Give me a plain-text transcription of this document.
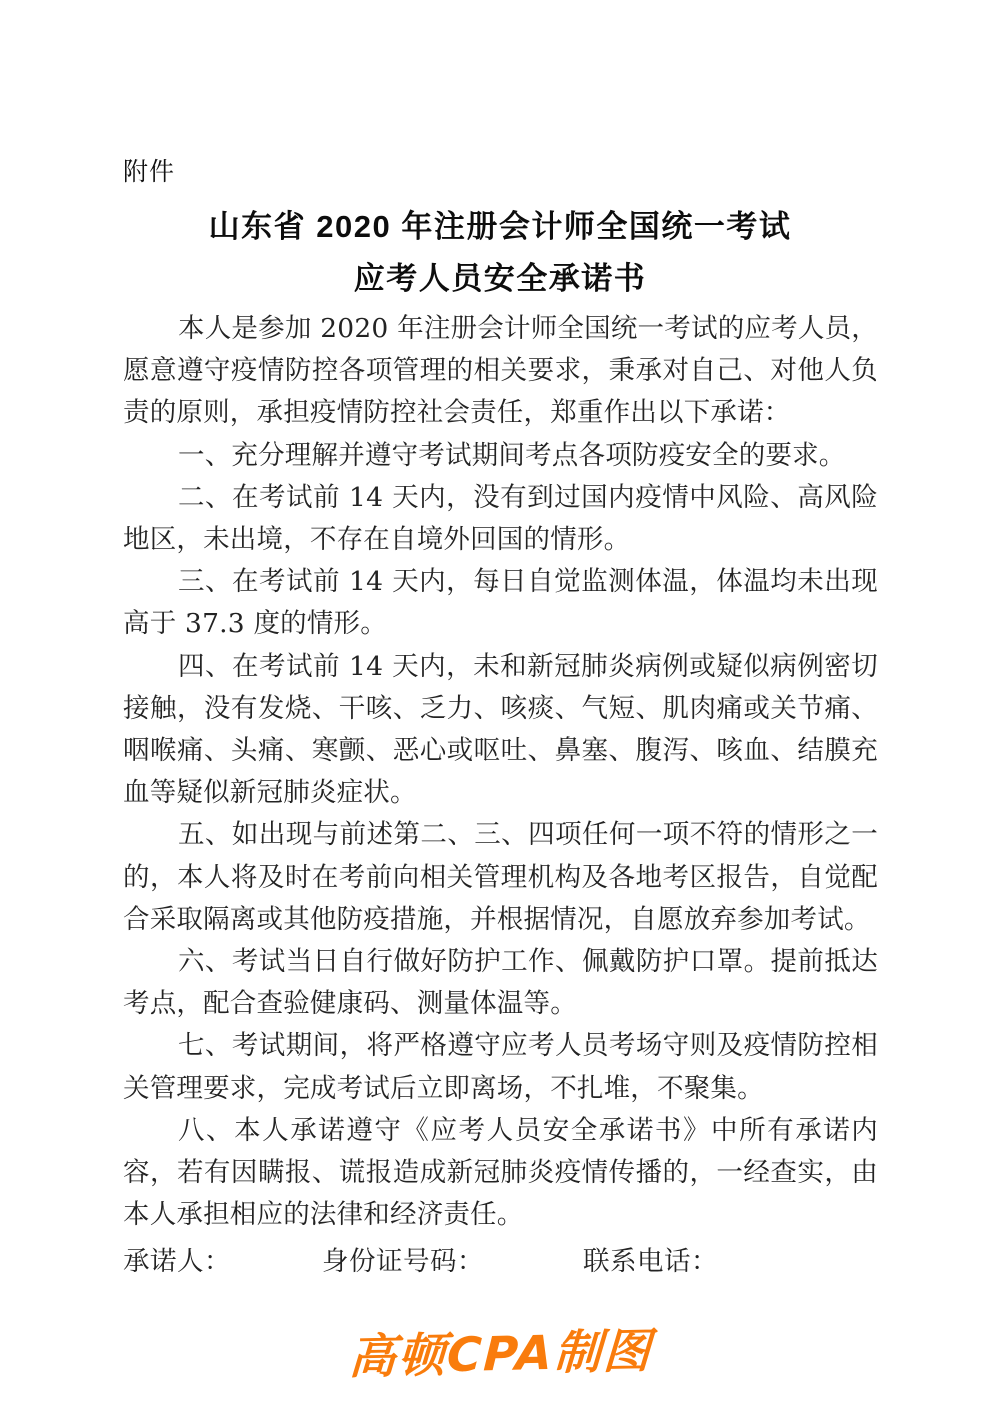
附件
山东省 2020 年注册会计师全国统一考试
应考人员安全承诺书

本人是参加 2020 年注册会计师全国统一考试的应考人员，愿意遵守疫情防控各项管理的相关要求，秉承对自己、对他人负责的原则，承担疫情防控社会责任，郑重作出以下承诺：

一、充分理解并遵守考试期间考点各项防疫安全的要求。

二、在考试前 14 天内，没有到过国内疫情中风险、高风险地区，未出境，不存在自境外回国的情形。

三、在考试前 14 天内，每日自觉监测体温，体温均未出现高于 37.3 度的情形。

四、在考试前 14 天内，未和新冠肺炎病例或疑似病例密切接触，没有发烧、干咳、乏力、咳痰、气短、肌肉痛或关节痛、咽喉痛、头痛、寒颤、恶心或呕吐、鼻塞、腹泻、咳血、结膜充血等疑似新冠肺炎症状。

五、如出现与前述第二、三、四项任何一项不符的情形之一的，本人将及时在考前向相关管理机构及各地考区报告，自觉配合采取隔离或其他防疫措施，并根据情况，自愿放弃参加考试。

六、考试当日自行做好防护工作、佩戴防护口罩。提前抵达考点，配合查验健康码、测量体温等。

七、考试期间，将严格遵守应考人员考场守则及疫情防控相关管理要求，完成考试后立即离场，不扎堆，不聚集。

八、本人承诺遵守《应考人员安全承诺书》中所有承诺内容，若有因瞒报、谎报造成新冠肺炎疫情传播的，一经查实，由本人承担相应的法律和经济责任。

承诺人：	身份证号码：	联系电话：
高顿CPA制图
